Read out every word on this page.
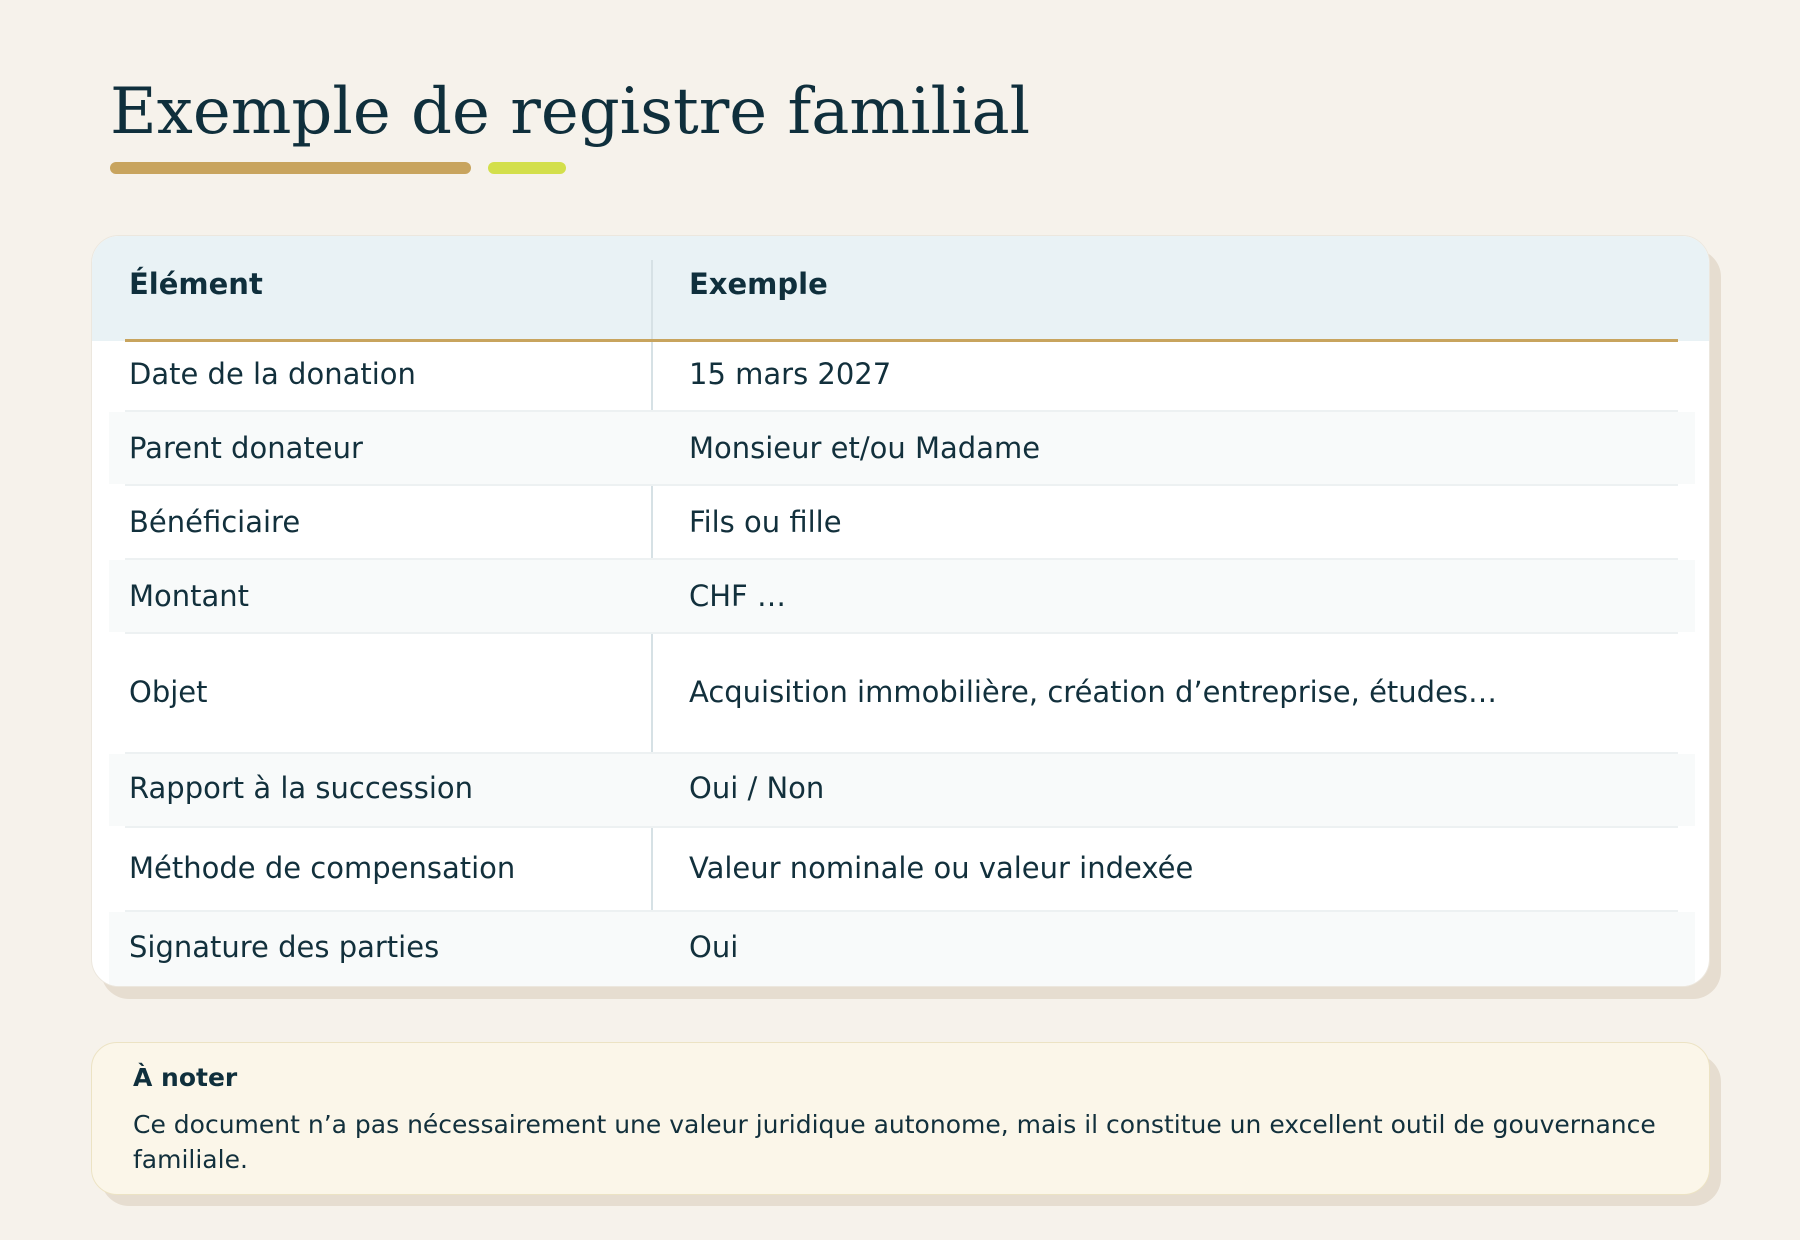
Exemple de registre familial
Élément	Exemple
Date de la donation	15 mars 2027
Parent donateur	Monsieur et/ou Madame
Bénéficiaire	Fils ou fille
Montant	CHF …
Objet	Acquisition immobilière, création d’entreprise, études…
Rapport à la succession	Oui / Non
Méthode de compensation	Valeur nominale ou valeur indexée
Signature des parties	Oui
À noter
Ce document n’a pas nécessairement une valeur juridique autonome, mais il constitue un excellent outil de gouvernance familiale.
